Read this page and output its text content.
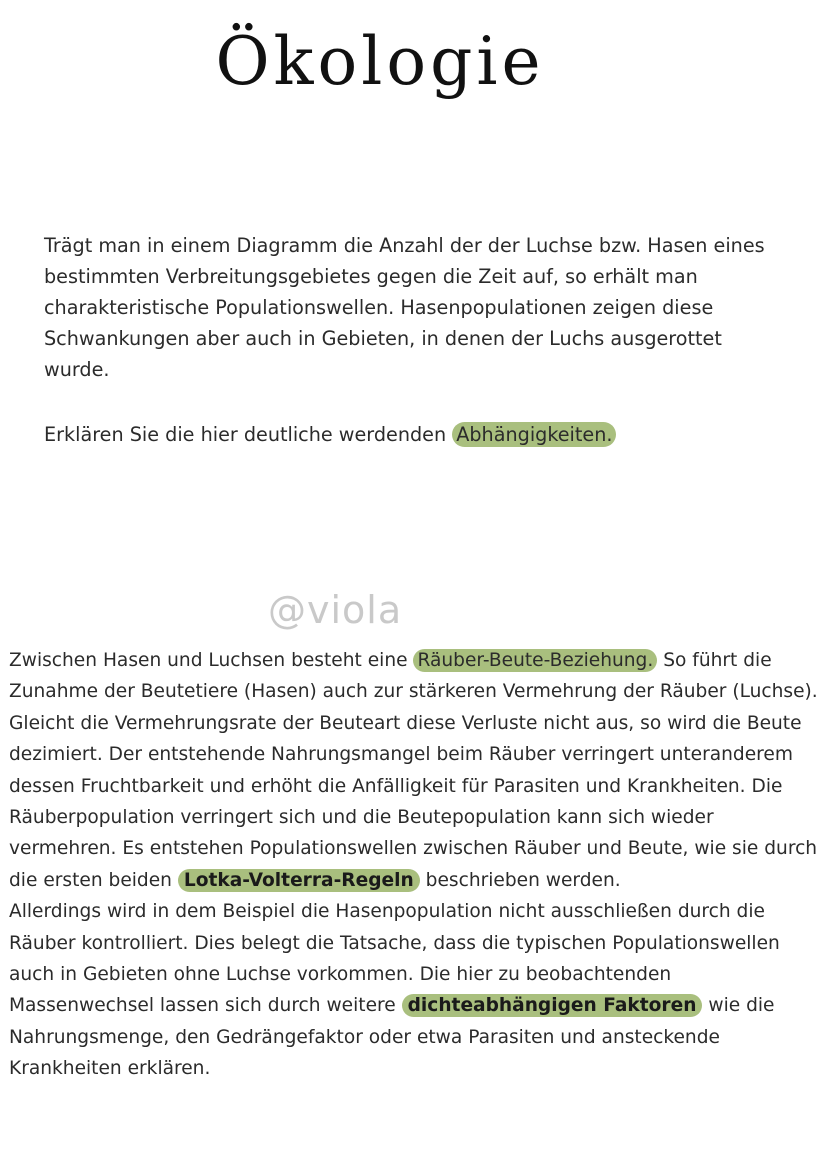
Ökologie

Trägt man in einem Diagramm die Anzahl der der Luchse bzw. Hasen eines bestimmten Verbreitungsgebietes gegen die Zeit auf, so erhält man charakteristische Populationswellen. Hasenpopulationen zeigen diese Schwankungen aber auch in Gebieten, in denen der Luchs ausgerottet wurde.

Erklären Sie die hier deutliche werdenden Abhängigkeiten.

@viola

Zwischen Hasen und Luchsen besteht eine Räuber-Beute-Beziehung. So führt die Zunahme der Beutetiere (Hasen) auch zur stärkeren Vermehrung der Räuber (Luchse). Gleicht die Vermehrungsrate der Beuteart diese Verluste nicht aus, so wird die Beute dezimiert. Der entstehende Nahrungsmangel beim Räuber verringert unteranderem dessen Fruchtbarkeit und erhöht die Anfälligkeit für Parasiten und Krankheiten. Die Räuberpopulation verringert sich und die Beutepopulation kann sich wieder vermehren. Es entstehen Populationswellen zwischen Räuber und Beute, wie sie durch die ersten beiden Lotka-Volterra-Regeln beschrieben werden.
Allerdings wird in dem Beispiel die Hasenpopulation nicht ausschließen durch die Räuber kontrolliert. Dies belegt die Tatsache, dass die typischen Populationswellen auch in Gebieten ohne Luchse vorkommen. Die hier zu beobachtenden Massenwechsel lassen sich durch weitere dichteabhängigen Faktoren wie die Nahrungsmenge, den Gedrängefaktor oder etwa Parasiten und ansteckende Krankheiten erklären.
